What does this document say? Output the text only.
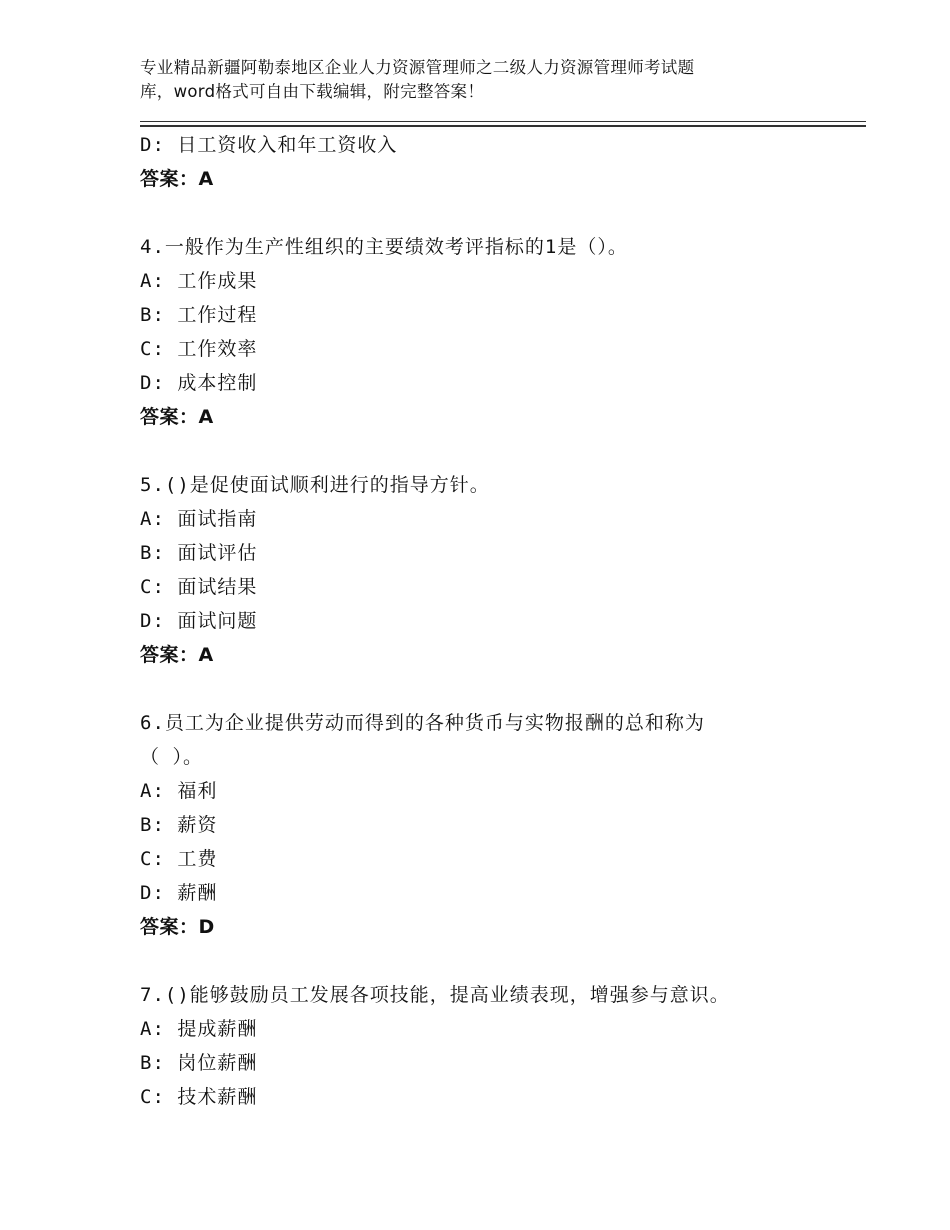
专业精品新疆阿勒泰地区企业人力资源管理师之二级人力资源管理师考试题
库，word格式可自由下载编辑，附完整答案！
D: 日工资收入和年工资收入
答案：A
4.一般作为生产性组织的主要绩效考评指标的1是（）。
A: 工作成果
B: 工作过程
C: 工作效率
D: 成本控制
答案：A
5.()是促使面试顺利进行的指导方针。
A: 面试指南
B: 面试评估
C: 面试结果
D: 面试问题
答案：A
6.员工为企业提供劳动而得到的各种货币与实物报酬的总和称为
（ ）。
A: 福利
B: 薪资
C: 工费
D: 薪酬
答案：D
7.()能够鼓励员工发展各项技能，提高业绩表现，增强参与意识。
A: 提成薪酬
B: 岗位薪酬
C: 技术薪酬
